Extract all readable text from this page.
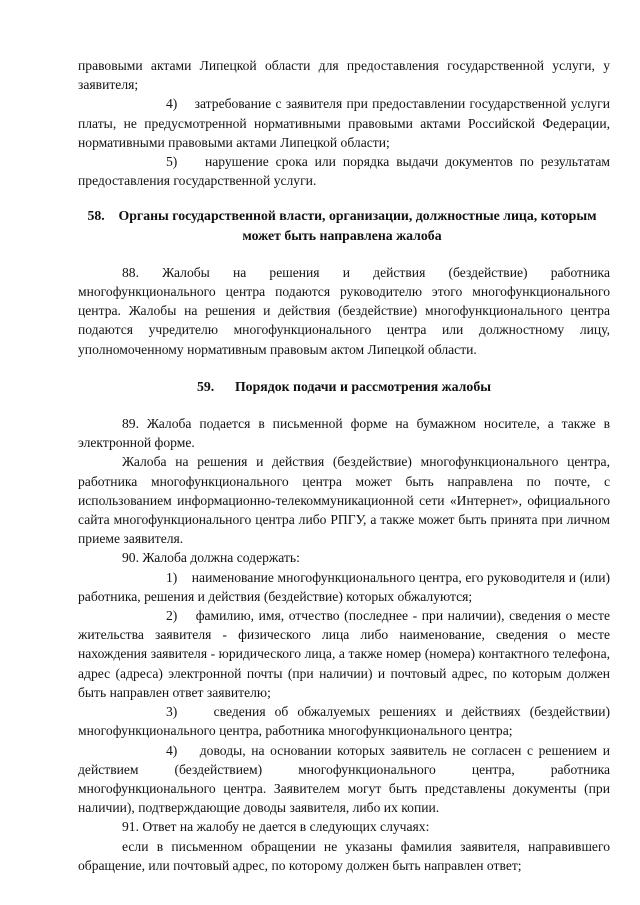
правовыми актами Липецкой области для предоставления государственной услуги, у заявителя;

4) затребование с заявителя при предоставлении государственной услуги платы, не предусмотренной нормативными правовыми актами Российской Федерации, нормативными правовыми актами Липецкой области;

5) нарушение срока или порядка выдачи документов по результатам предоставления государственной услуги.

58. Органы государственной власти, организации, должностные лица, которым может быть направлена жалоба

88. Жалобы на решения и действия (бездействие) работника многофункционального центра подаются руководителю этого многофункционального центра. Жалобы на решения и действия (бездействие) многофункционального центра подаются учредителю многофункционального центра или должностному лицу, уполномоченному нормативным правовым актом Липецкой области.

59. Порядок подачи и рассмотрения жалобы

89. Жалоба подается в письменной форме на бумажном носителе, а также в электронной форме.

Жалоба на решения и действия (бездействие) многофункционального центра, работника многофункционального центра может быть направлена по почте, с использованием информационно-телекоммуникационной сети «Интернет», официального сайта многофункционального центра либо РПГУ, а также может быть принята при личном приеме заявителя.

90. Жалоба должна содержать:

1) наименование многофункционального центра, его руководителя и (или) работника, решения и действия (бездействие) которых обжалуются;

2) фамилию, имя, отчество (последнее - при наличии), сведения о месте жительства заявителя - физического лица либо наименование, сведения о месте нахождения заявителя - юридического лица, а также номер (номера) контактного телефона, адрес (адреса) электронной почты (при наличии) и почтовый адрес, по которым должен быть направлен ответ заявителю;

3)	сведения об обжалуемых решениях и действиях (бездействии) многофункционального центра, работника многофункционального центра;

4) доводы, на основании которых заявитель не согласен с решением и действием (бездействием) многофункционального центра, работника многофункционального центра. Заявителем могут быть представлены документы (при наличии), подтверждающие доводы заявителя, либо их копии.

91. Ответ на жалобу не дается в следующих случаях:

если в письменном обращении не указаны фамилия заявителя, направившего обращение, или почтовый адрес, по которому должен быть направлен ответ;
